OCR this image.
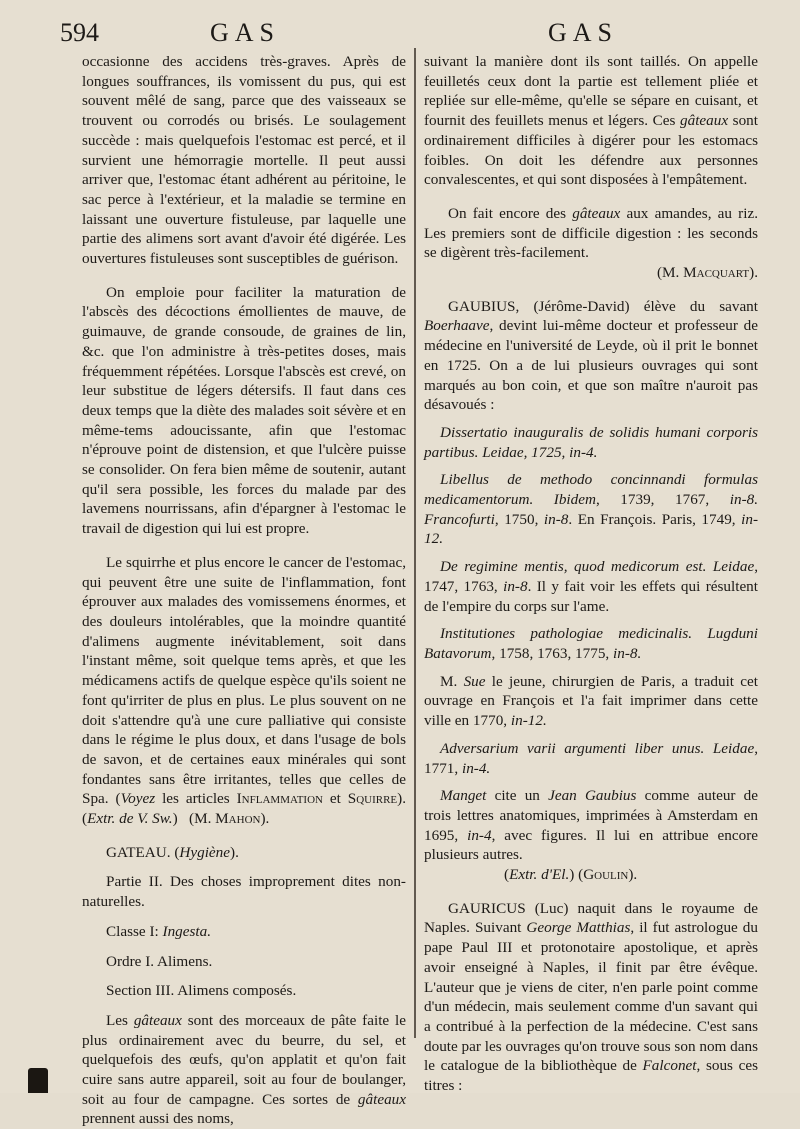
594	GAS	GAS

occasionne des accidens très-graves. Après de longues souffrances, ils vomissent du pus, qui est souvent mêlé de sang, parce que des vaisseaux se trouvent ou corrodés ou brisés. Le soulagement succède : mais quelquefois l'estomac est percé, et il survient une hémorragie mortelle. Il peut aussi arriver que, l'estomac étant adhérent au péritoine, le sac perce à l'extérieur, et la maladie se termine en laissant une ouverture fistuleuse, par laquelle une partie des alimens sort avant d'avoir été digérée. Les ouvertures fistuleuses sont susceptibles de guérison.

On emploie pour faciliter la maturation de l'abscès des décoctions émollientes de mauve, de guimauve, de grande consoude, de graines de lin, &c. que l'on administre à très-petites doses, mais fréquemment répétées. Lorsque l'abscès est crevé, on leur substitue de légers détersifs. Il faut dans ces deux temps que la diète des malades soit sévère et en même-tems adoucissante, afin que l'estomac n'éprouve point de distension, et que l'ulcère puisse se consolider. On fera bien même de soutenir, autant qu'il sera possible, les forces du malade par des lavemens nourrissans, afin d'épargner à l'estomac le travail de digestion qui lui est propre.

Le squirrhe et plus encore le cancer de l'estomac, qui peuvent être une suite de l'inflammation, font éprouver aux malades des vomissemens énormes, et des douleurs intolérables, que la moindre quantité d'alimens augmente inévitablement, soit dans l'instant même, soit quelque tems après, et que les médicamens actifs de quelque espèce qu'ils soient ne font qu'irriter de plus en plus. Le plus souvent on ne doit s'attendre qu'à une cure palliative qui consiste dans le régime le plus doux, et dans l'usage de bols de savon, et de certaines eaux minérales qui sont fondantes sans être irritantes, telles que celles de Spa. (Voyez les articles Inflammation et Squirre). (Extr. de V. Sw.)   (M. Mahon).

GATEAU. (Hygiène).

Partie II. Des choses improprement dites non-naturelles.

Classe I: Ingesta.

Ordre I. Alimens.

Section III. Alimens composés.

Les gâteaux sont des morceaux de pâte faite le plus ordinairement avec du beurre, du sel, et quelquefois des œufs, qu'on applatit et qu'on fait cuire sans autre appareil, soit au four de boulanger, soit au four de campagne. Ces sortes de gâteaux prennent aussi des noms,

suivant la manière dont ils sont taillés. On appelle feuilletés ceux dont la partie est tellement pliée et repliée sur elle-même, qu'elle se sépare en cuisant, et fournit des feuillets menus et légers. Ces gâteaux sont ordinairement difficiles à digérer pour les estomacs foibles. On doit les défendre aux personnes convalescentes, et qui sont disposées à l'empâtement.

On fait encore des gâteaux aux amandes, au riz. Les premiers sont de difficile digestion : les seconds se digèrent très-facilement.

(M. Macquart).

GAUBIUS, (Jérôme-David) élève du savant Boerhaave, devint lui-même docteur et professeur de médecine en l'université de Leyde, où il prit le bonnet en 1725. On a de lui plusieurs ouvrages qui sont marqués au bon coin, et que son maître n'auroit pas désavoués :

Dissertatio inauguralis de solidis humani corporis partibus. Leidae, 1725, in-4.

Libellus de methodo concinnandi formulas medicamentorum. Ibidem, 1739, 1767, in-8. Francofurti, 1750, in-8. En François. Paris, 1749, in-12.

De regimine mentis, quod medicorum est. Leidae, 1747, 1763, in-8. Il y fait voir les effets qui résultent de l'empire du corps sur l'ame.

Institutiones pathologiae medicinalis. Lugduni Batavorum, 1758, 1763, 1775, in-8.

M. Sue le jeune, chirurgien de Paris, a traduit cet ouvrage en François et l'a fait imprimer dans cette ville en 1770, in-12.

Adversarium varii argumenti liber unus. Leidae, 1771, in-4.

Manget cite un Jean Gaubius comme auteur de trois lettres anatomiques, imprimées à Amsterdam en 1695, in-4, avec figures. Il lui en attribue encore plusieurs autres.

(Extr. d'El.) (Goulin).

GAURICUS (Luc) naquit dans le royaume de Naples. Suivant George Matthias, il fut astrologue du pape Paul III et protonotaire apostolique, et après avoir enseigné à Naples, il finit par être évêque. L'auteur que je viens de citer, n'en parle point comme d'un médecin, mais seulement comme d'un savant qui a contribué à la perfection de la médecine. C'est sans doute par les ouvrages qu'on trouve sous son nom dans le catalogue de la bibliothèque de Falconet, sous ces titres :
